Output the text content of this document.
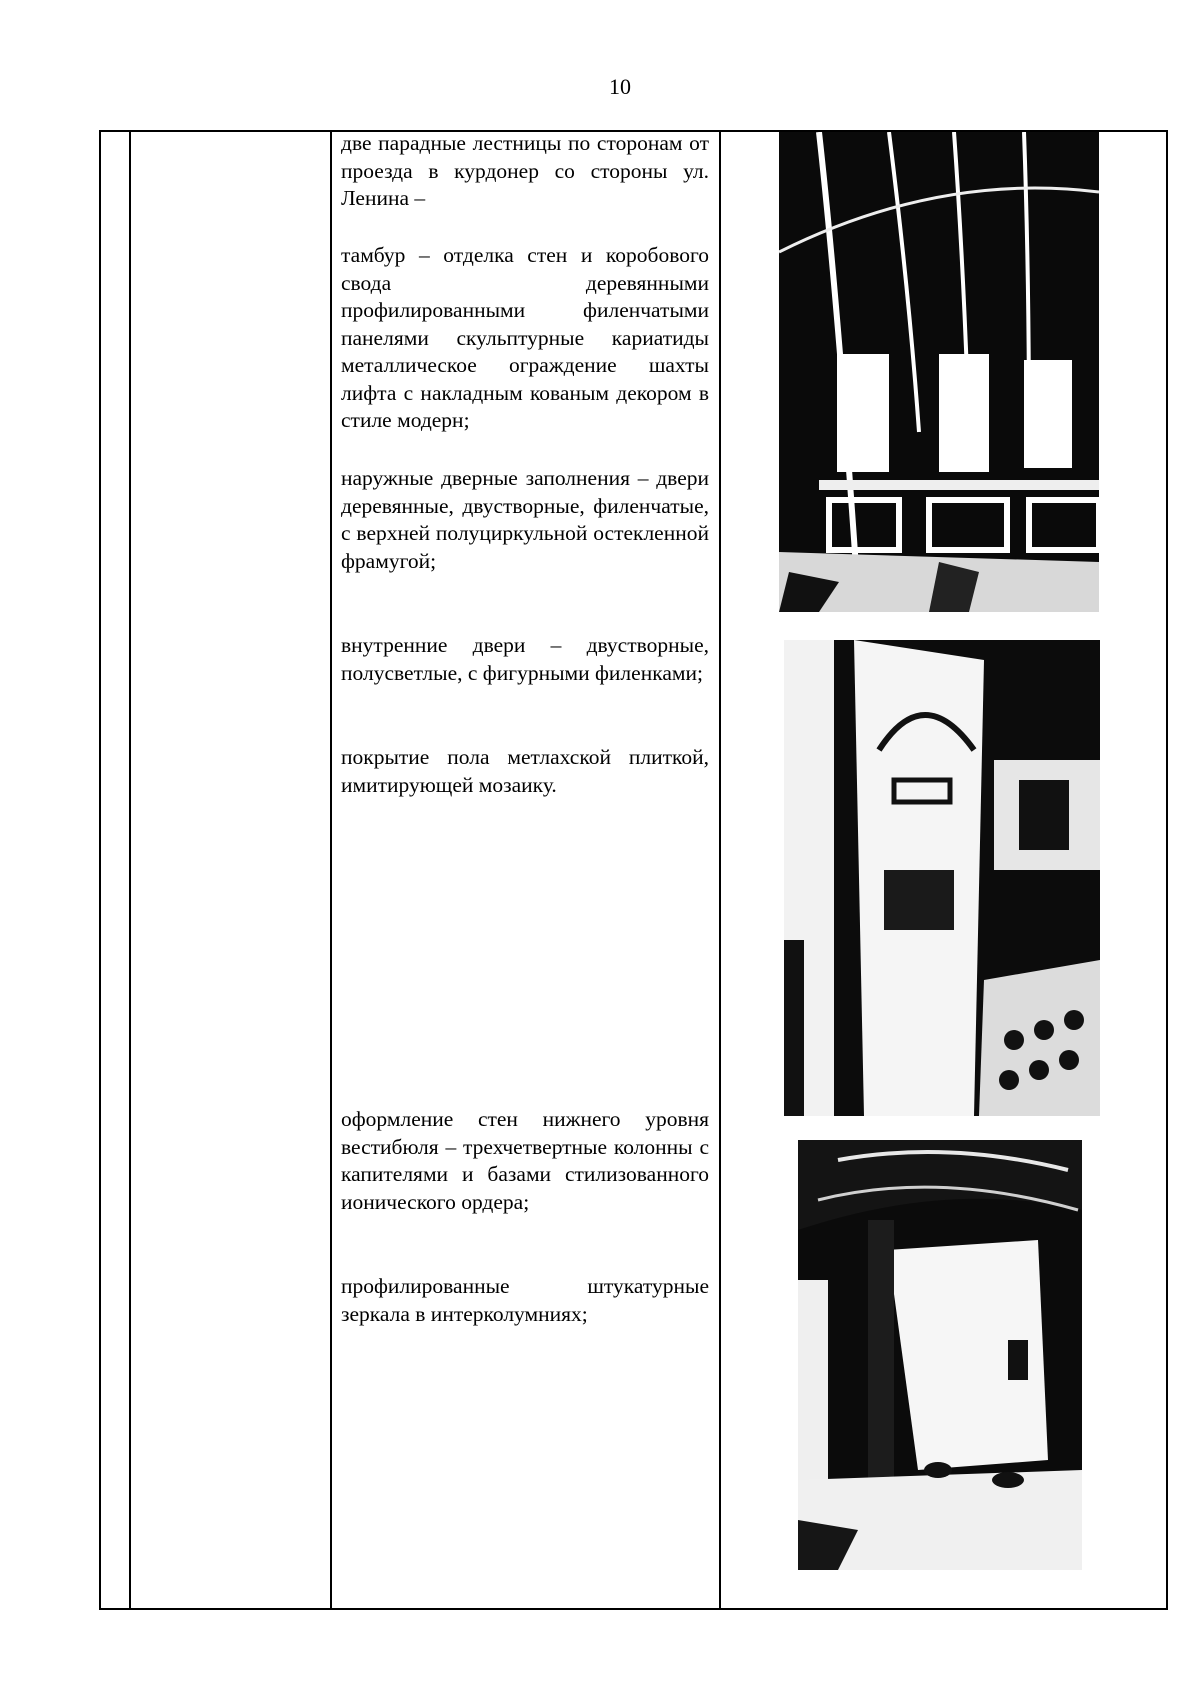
10

две парадные лестницы по сторонам от проезда в курдонер со стороны ул. Ленина –

тамбур – отделка стен и коробового свода деревянными профилированными филенчатыми панелями скульптурные кариатиды металлическое ограждение шахты лифта с накладным кованым декором в стиле модерн;

наружные дверные заполнения – двери деревянные, двустворные, филенчатые, с верхней полуциркульной остекленной фрамугой;

внутренние двери – двустворные, полусветлые, с фигурными филенками;

покрытие пола метлахской плиткой, имитирующей мозаику.

оформление стен нижнего уровня вестибюля – трехчетвертные колонны с капителями и базами стилизованного ионического ордера;

профилированные штукатурные зеркала в интерколумниях;
